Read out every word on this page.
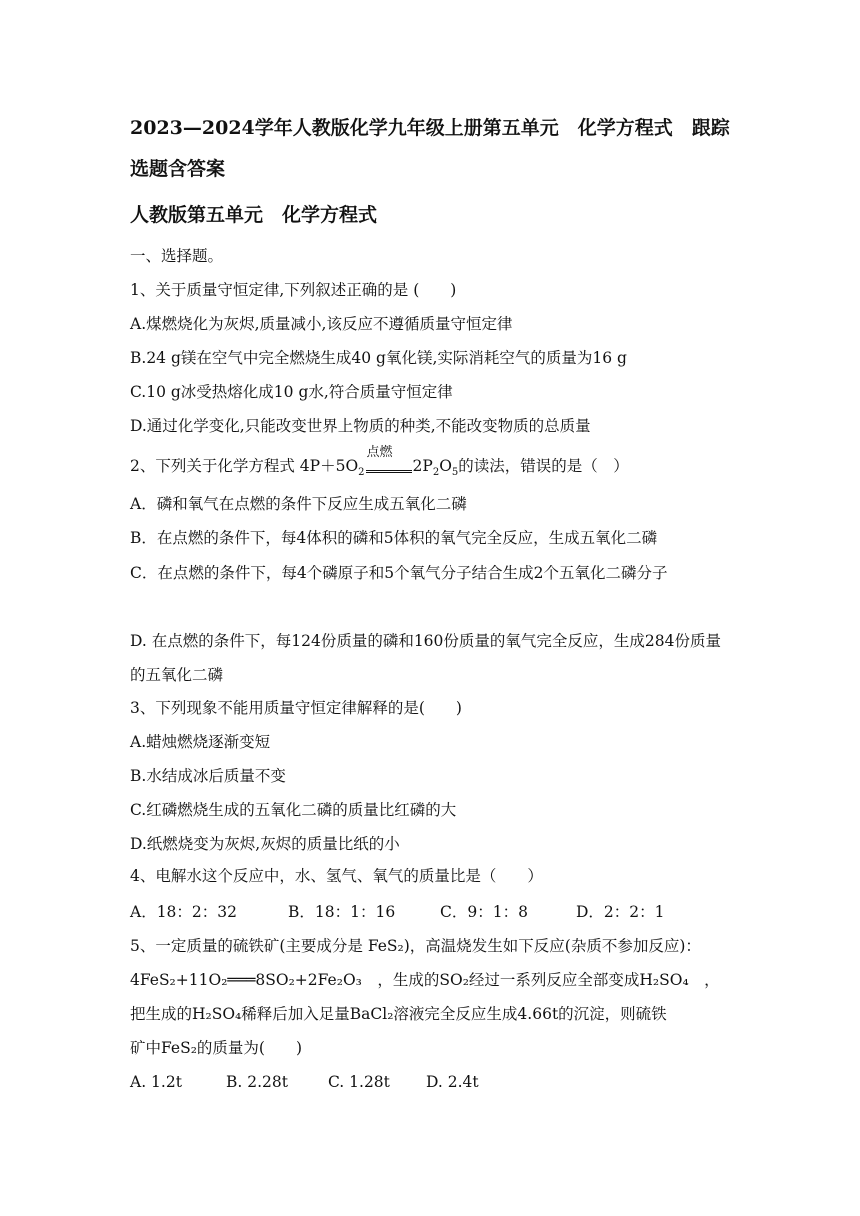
2023—2024学年人教版化学九年级上册第五单元　化学方程式　跟踪选题含答案
人教版第五单元　化学方程式
一、选择题。
1、关于质量守恒定律,下列叙述正确的是 (　　)
A.煤燃烧化为灰烬,质量减小,该反应不遵循质量守恒定律
B.24 g镁在空气中完全燃烧生成40 g氧化镁,实际消耗空气的质量为16 g
C.10 g冰受热熔化成10 g水,符合质量守恒定律
D.通过化学变化,只能改变世界上物质的种类,不能改变物质的总质量
2、下列关于化学方程式 $4P+5O_2$
点燃
$2P_2O_5$的读法，错误的是（　）
A．磷和氧气在点燃的条件下反应生成五氧化二磷
B．在点燃的条件下，每4体积的磷和5体积的氧气完全反应，生成五氧化二磷
C．在点燃的条件下，每4个磷原子和5个氧气分子结合生成2个五氧化二磷分子
D. 在点燃的条件下，每124份质量的磷和160份质量的氧气完全反应，生成284份质量的五氧化二磷
3、下列现象不能用质量守恒定律解释的是(　　)
A.蜡烛燃烧逐渐变短
B.水结成冰后质量不变
C.红磷燃烧生成的五氧化二磷的质量比红磷的大
D.纸燃烧变为灰烬,灰烬的质量比纸的小
4、电解水这个反应中，水、氢气、氧气的质量比是（　　）
A．18：2：32	B．18：1：16	C．9：1：8	D．2：2：1
5、一定质量的硫铁矿(主要成分是 FeS₂)，高温烧发生如下反应(杂质不参加反应)：
4FeS₂+11O₂═══8SO₂+2Fe₂O₃　，生成的SO₂经过一系列反应全部变成H₂SO₄　，
把生成的H₂SO₄稀释后加入足量BaCl₂溶液完全反应生成4.66t的沉淀，则硫铁
矿中FeS₂的质量为(　　)
A. 1.2t	B. 2.28t	C. 1.28t D. 2.4t
